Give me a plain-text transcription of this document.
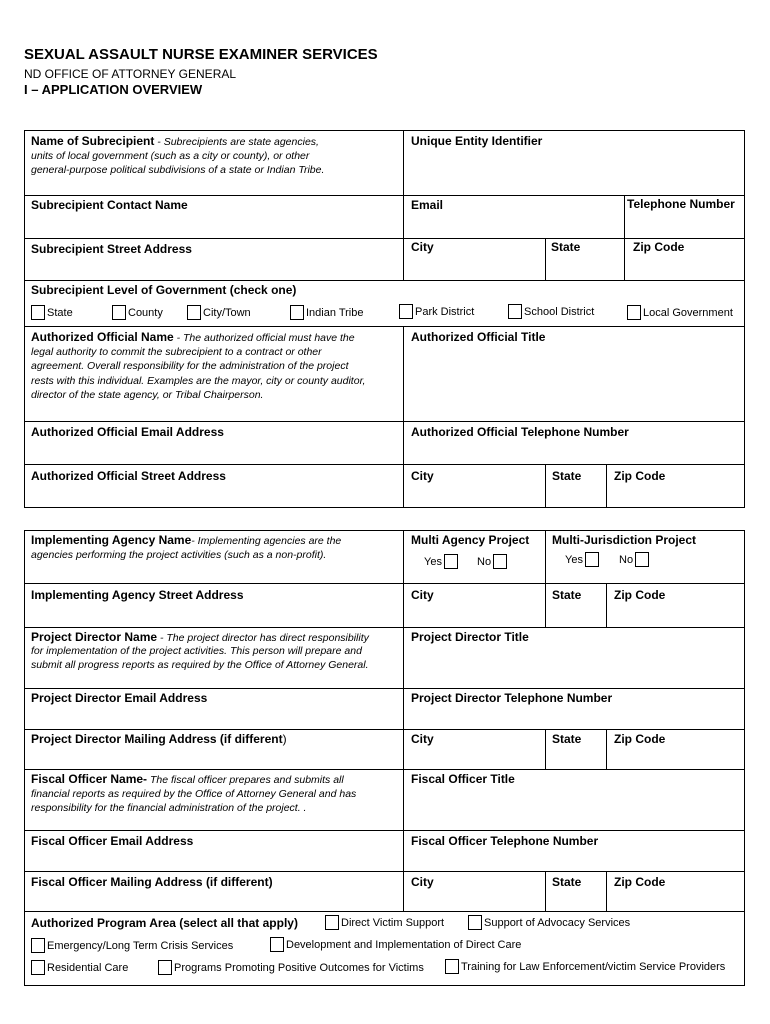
SEXUAL ASSAULT NURSE EXAMINER SERVICES
ND OFFICE OF ATTORNEY GENERAL
I – APPLICATION OVERVIEW
Name of Subrecipient - Subrecipients are state agencies,
units of local government (such as a city or county), or other
general-purpose political subdivisions of a state or Indian Tribe.
Unique Entity Identifier
Subrecipient Contact Name	Email	Telephone Number
Subrecipient Street Address	City	State	Zip Code
Subrecipient Level of Government (check one)
State	County	City/Town	Indian Tribe	Park District	School District	Local Government
Authorized Official Name - The authorized official must have the
legal authority to commit the subrecipient to a contract or other
agreement. Overall responsibility for the administration of the project
rests with this individual. Examples are the mayor, city or county auditor,
director of the state agency, or Tribal Chairperson.
Authorized Official Title
Authorized Official Email Address	Authorized Official Telephone Number
Authorized Official Street Address	City	State	Zip Code
Implementing Agency Name- Implementing agencies are the
agencies performing the project activities (such as a non-profit).
Multi Agency Project
Yes	No
Multi-Jurisdiction Project
Yes	No
Implementing Agency Street Address	City	State	Zip Code
Project Director Name - The project director has direct responsibility
for implementation of the project activities. This person will prepare and
submit all progress reports as required by the Office of Attorney General.
Project Director Title
Project Director Email Address	Project Director Telephone Number
Project Director Mailing Address (if different)	City	State	Zip Code
Fiscal Officer Name- The fiscal officer prepares and submits all
financial reports as required by the Office of Attorney General and has
responsibility for the financial administration of the project. .
Fiscal Officer Title
Fiscal Officer Email Address	Fiscal Officer Telephone Number
Fiscal Officer Mailing Address (if different)	City	State	Zip Code
Authorized Program Area (select all that apply)	Direct Victim Support	Support of Advocacy Services
Emergency/Long Term Crisis Services	Development and Implementation of Direct Care
Residential Care	Programs Promoting Positive Outcomes for Victims	Training for Law Enforcement/victim Service Providers
